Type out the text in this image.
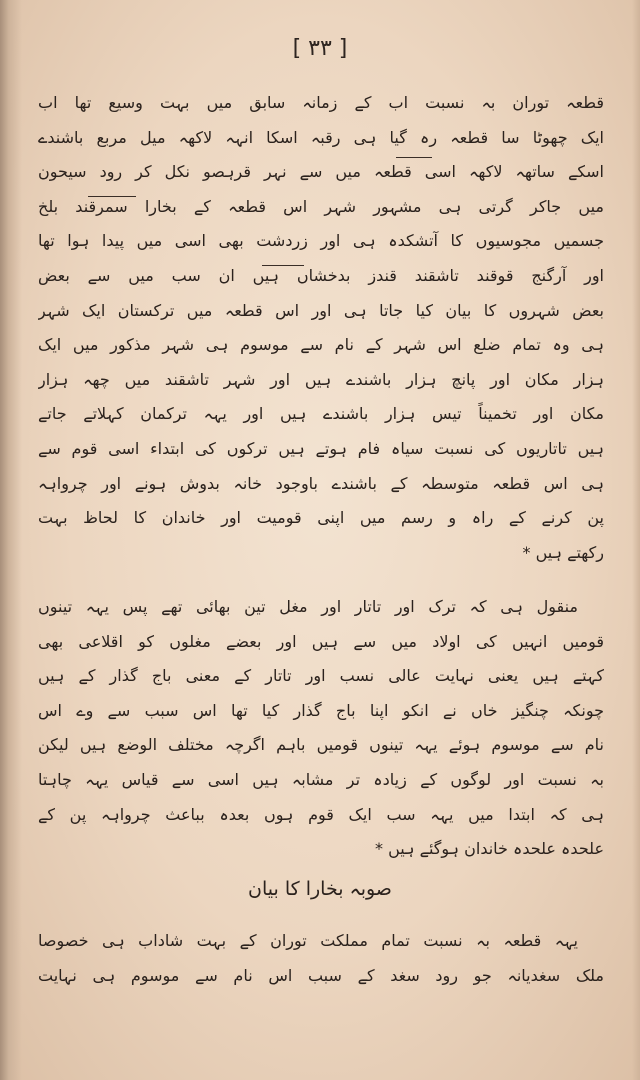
[ ۳۳ ]
قطعہ توران بہ نسبت اب کے زمانہ سابق میں بہت وسیع تھا اب
ایک چھوٹا سا قطعہ رہ گیا ہی رقبہ اسکا انہہ لاکھہ میل مربع باشندے
اسکے ساتھہ لاکھہ اسی قطعہ میں سے نہر قرہصو نکل کر رود سیحون
میں جاکر گرتی ہی مشہور شہر اس قطعہ کے بخارا سمرقند بلخ
جسمیں مجوسیوں کا آتشکدہ ہی اور زردشت بھی اسی میں پیدا ہوا تھا
اور آرگنج قوقند تاشقند قندز بدخشاں ہیں ان سب میں سے بعض
بعض شہروں کا بیان کیا جاتا ہی اور اس قطعہ میں ترکستان ایک شہر
ہی وہ تمام ضلع اس شہر کے نام سے موسوم ہی شہر مذکور میں ایک
ہزار مکان اور پانچ ہزار باشندے ہیں اور شہر تاشقند میں چھہ ہزار
مکان اور تخمیناً تیس ہزار باشندے ہیں اور یہہ ترکمان کہلاتے جاتے
ہیں تاتاریوں کی نسبت سیاہ فام ہوتے ہیں ترکوں کی ابتداء اسی قوم سے
ہی اس قطعہ متوسطہ کے باشندے باوجود خانہ بدوش ہونے اور چرواہہ
پن کرنے کے راہ و رسم میں اپنی قومیت اور خاندان کا لحاظ بہت
رکھتے ہیں *
منقول ہی کہ ترک اور تاتار اور مغل تین بھائی تھے پس یہہ تینوں
قومیں انہیں کی اولاد میں سے ہیں اور بعضے مغلوں کو اقلاعی بھی
کہتے ہیں یعنی نہایت عالی نسب اور تاتار کے معنی باج گذار کے ہیں
چونکہ چنگیز خاں نے انکو اپنا باج گذار کیا تھا اس سبب سے وے اس
نام سے موسوم ہوئے یہہ تینوں قومیں باہم اگرچہ مختلف الوضع ہیں لیکن
بہ نسبت اور لوگوں کے زیادہ تر مشابہ ہیں اسی سے قیاس یہہ چاہتا
ہی کہ ابتدا میں یہہ سب ایک قوم ہوں بعدہ بباعث چرواہہ پن کے
علحدہ علحدہ خاندان ہوگئے ہیں *
صوبہ بخارا کا بیان
یہہ قطعہ بہ نسبت تمام مملکت توران کے بہت شاداب ہی خصوصا
ملک سغدیانہ جو رود سغد کے سبب اس نام سے موسوم ہی نہایت
